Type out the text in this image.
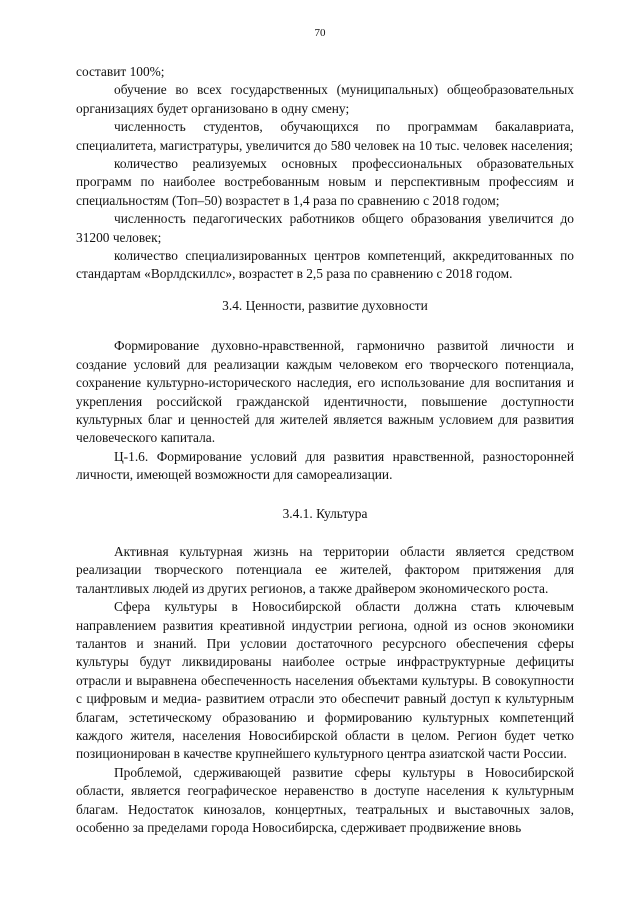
70

составит 100%;

обучение во всех государственных (муниципальных) общеобразовательных организациях будет организовано в одну смену;

численность студентов, обучающихся по программам бакалавриата, специалитета, магистратуры, увеличится до 580 человек на 10 тыс. человек населения;

количество реализуемых основных профессиональных образовательных программ по наиболее востребованным новым и перспективным профессиям и специальностям (Топ–50) возрастет в 1,4 раза по сравнению с 2018 годом;

численность педагогических работников общего образования увеличится до 31200 человек;

количество специализированных центров компетенций, аккредитованных по стандартам «Ворлдскиллс», возрастет в 2,5 раза по сравнению с 2018 годом.

3.4. Ценности, развитие духовности

Формирование духовно-нравственной, гармонично развитой личности и создание условий для реализации каждым человеком его творческого потенциала, сохранение культурно-исторического наследия, его использование для воспитания и укрепления российской гражданской идентичности, повышение доступности культурных благ и ценностей для жителей является важным условием для развития человеческого капитала.

Ц-1.6. Формирование условий для развития нравственной, разносторонней личности, имеющей возможности для самореализации.

3.4.1. Культура

Активная культурная жизнь на территории области является средством реализации творческого потенциала ее жителей, фактором притяжения для талантливых людей из других регионов, а также драйвером экономического роста.

Сфера культуры в Новосибирской области должна стать ключевым направлением развития креативной индустрии региона, одной из основ экономики талантов и знаний. При условии достаточного ресурсного обеспечения сферы культуры будут ликвидированы наиболее острые инфраструктурные дефициты отрасли и выравнена обеспеченность населения объектами культуры. В совокупности с цифровым и медиа- развитием отрасли это обеспечит равный доступ к культурным благам, эстетическому образованию и формированию культурных компетенций каждого жителя, населения Новосибирской области в целом. Регион будет четко позиционирован в качестве крупнейшего культурного центра азиатской части России.

Проблемой, сдерживающей развитие сферы культуры в Новосибирской области, является географическое неравенство в доступе населения к культурным благам. Недостаток кинозалов, концертных, театральных и выставочных залов, особенно за пределами города Новосибирска, сдерживает продвижение вновь
